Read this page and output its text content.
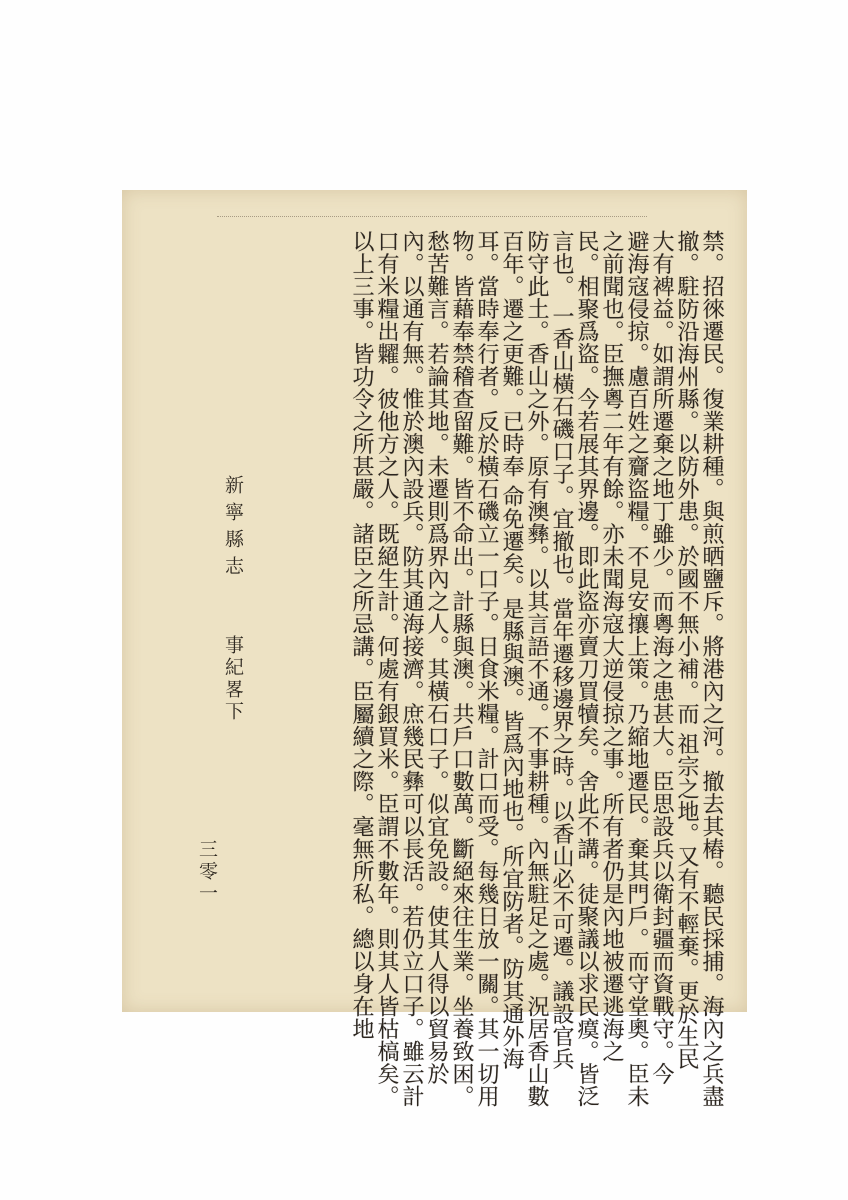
禁。招徠遷民。復業耕種。與煎晒鹽斥。將港內之河。撤去其樁。聽民採捕。海內之兵盡
撤。駐防沿海州縣。以防外患。於國不無小補。而 祖宗之地。又有不輕棄。更於生民
大有裨益。如謂所遷棄之地丁雖少。而粵海之患甚大。臣思設兵以衛封疆而資戰守。今
避海寇侵掠。慮百姓之齎盜糧。不見安攘上策。乃縮地遷民。棄其門戶。而守堂奧。臣未
之前聞也。臣撫粵二年有餘。亦未聞海寇大逆侵掠之事。所有者仍是內地被遷逃海之
民。相聚爲盜。今若展其界邊。即此盜亦賣刀買犢矣。舍此不講。徒聚議以求民瘼。皆泛
言也。 一香山橫石磯口子。宜撤也。當年遷移邊界之時。以香山必不可遷。議設官兵
防守此土。香山之外。原有澳彝。以其言語不通。不事耕種。內無駐足之處。況居香山數
百年。遷之更難。已時奉 命免遷矣。是縣與澳。皆爲內地也。所宜防者。防其通外海
耳。當時奉行者。反於橫石磯立一口子。日食米糧。計口而受。每幾日放一關。其一切用
物。皆藉奉禁稽查留難。皆不命出。計縣與澳。共戶口數萬。斷絕來往生業。坐養致困。
愁苦難言。若論其地。未遷則爲界內之人。其橫石口子。似宜免設。使其人得以貿易於
內。以通有無。惟於澳內設兵。防其通海接濟。庶幾民彝可以長活。若仍立口子。雖云計
口有米糧出糶。彼他方之人。既絕生計。何處有銀買米。臣謂不數年。則其人皆枯槁矣。
以上三事。皆功令之所甚嚴。諸臣之所忌講。臣屬續之際。毫無所私。總以身在地
新寧縣志
事紀畧下
三零一
